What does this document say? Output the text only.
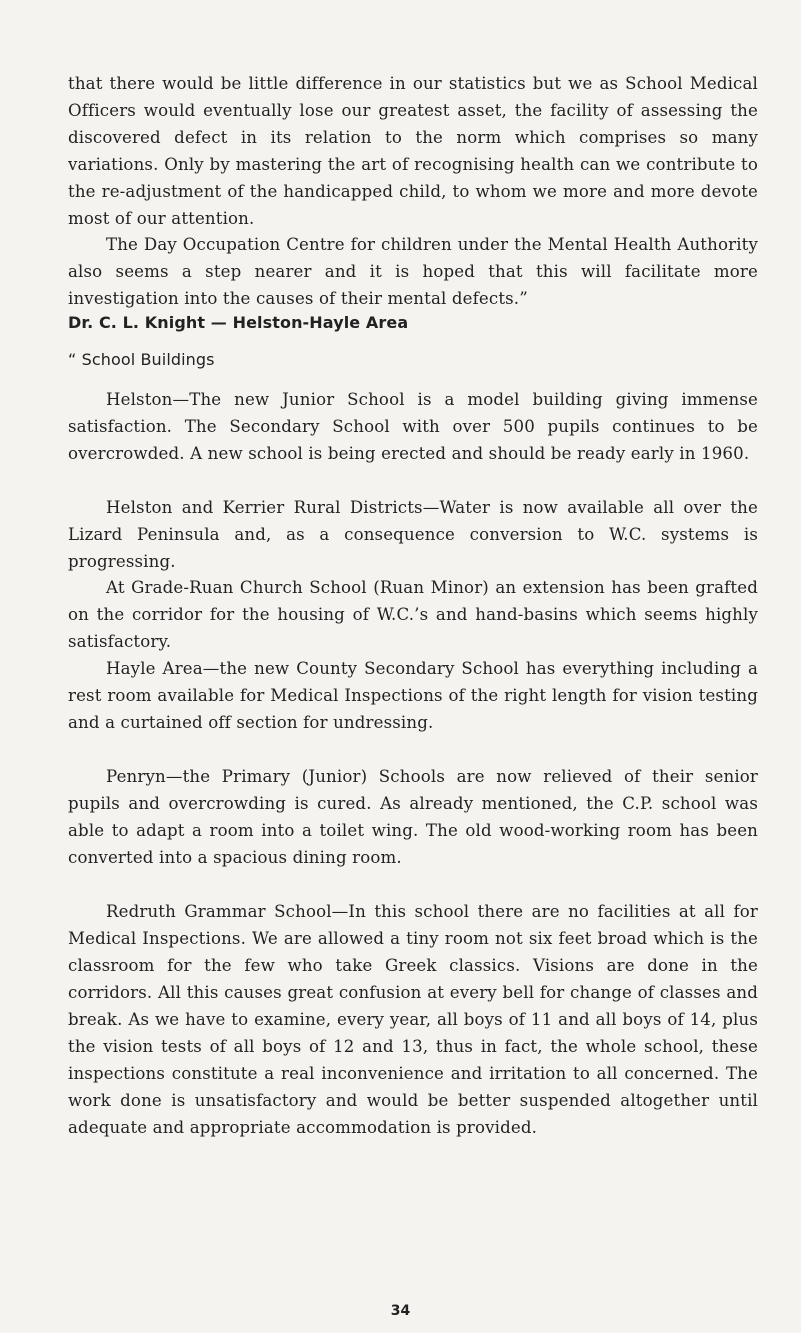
that there would be little difference in our statistics but we as School Medical Officers would eventually lose our greatest asset, the facility of assessing the discovered defect in its relation to the norm which comprises so many variations. Only by mastering the art of recognising health can we contribute to the re-adjustment of the handicapped child, to whom we more and more devote most of our attention.

The Day Occupation Centre for children under the Mental Health Authority also seems a step nearer and it is hoped that this will facilitate more investigation into the causes of their mental defects.”

Dr. C. L. Knight — Helston-Hayle Area
“ School Buildings

Helston—The new Junior School is a model building giving immense satisfaction. The Secondary School with over 500 pupils continues to be overcrowded. A new school is being erected and should be ready early in 1960.

Helston and Kerrier Rural Districts—Water is now available all over the Lizard Peninsula and, as a consequence conversion to W.C. systems is progressing.

At Grade-Ruan Church School (Ruan Minor) an extension has been grafted on the corridor for the housing of W.C.’s and hand-basins which seems highly satisfactory.

Hayle Area—the new County Secondary School has everything including a rest room available for Medical Inspections of the right length for vision testing and a curtained off section for undressing.

Penryn—the Primary (Junior) Schools are now relieved of their senior pupils and overcrowding is cured. As already mentioned, the C.P. school was able to adapt a room into a toilet wing. The old wood-working room has been converted into a spacious dining room.

Redruth Grammar School—In this school there are no facilities at all for Medical Inspections. We are allowed a tiny room not six feet broad which is the classroom for the few who take Greek classics. Visions are done in the corridors. All this causes great confusion at every bell for change of classes and break. As we have to examine, every year, all boys of 11 and all boys of 14, plus the vision tests of all boys of 12 and 13, thus in fact, the whole school, these inspections constitute a real inconvenience and irritation to all concerned. The work done is unsatisfactory and would be better suspended altogether until adequate and appropriate accommodation is provided.

34
